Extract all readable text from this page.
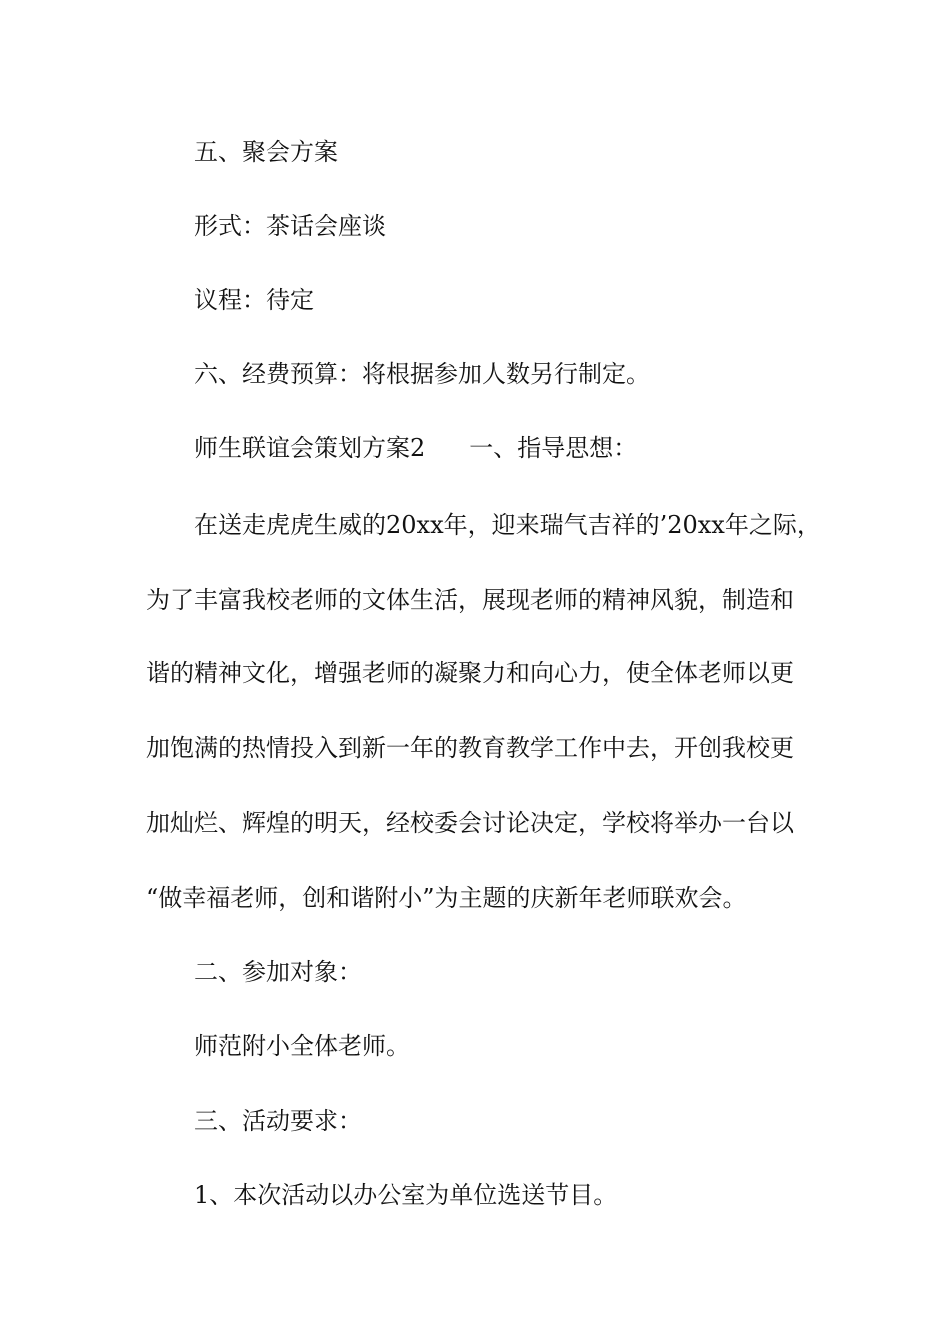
五、聚会方案
形式：茶话会座谈
议程：待定
六、经费预算：将根据参加人数另行制定。
师生联谊会策划方案2 一、指导思想：
在送走虎虎生威的20xx年，迎来瑞气吉祥的’20xx年之际，
为了丰富我校老师的文体生活，展现老师的精神风貌，制造和
谐的精神文化，增强老师的凝聚力和向心力，使全体老师以更
加饱满的热情投入到新一年的教育教学工作中去，开创我校更
加灿烂、辉煌的明天，经校委会讨论决定，学校将举办一台以
“做幸福老师，创和谐附小”为主题的庆新年老师联欢会。
二、参加对象：
师范附小全体老师。
三、活动要求：
1、本次活动以办公室为单位选送节目。
